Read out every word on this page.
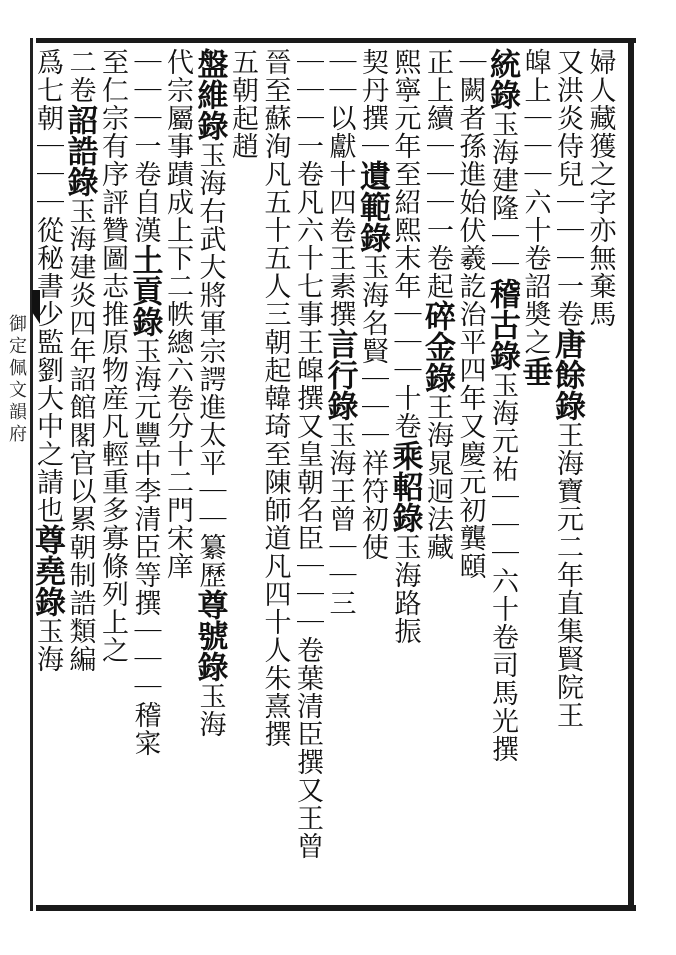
御定佩文韻府
婦人藏獲之字亦無棄馬
又洪炎侍兒｜｜｜一卷唐餘錄王海寶元二年直集賢院王
皡上｜｜｜六十卷詔奬之垂
統錄玉海建隆｜｜稽古錄玉海元祐｜｜｜六十卷司馬光撰
｜闕者孫進始伏羲訖治平四年又慶元初龔頤
正上續｜｜｜一卷起碎金錄王海晁迥法藏
熙寧元年至紹熙末年｜｜｜十卷乘軺錄玉海路振
契丹撰｜遺範錄玉海名賢｜｜｜祥符初使
｜｜以獻十四卷王素撰言行錄玉海王曾｜｜三
｜｜｜一卷凡六十七事王皡撰又皇朝名臣｜｜｜卷葉清臣撰又王曾
晉至蘇洵凡五十五人三朝起韓琦至陳師道凡四十人朱熹撰
五朝起趙
盤維錄玉海右武大將軍宗諤進太平｜｜纂歷尊號錄玉海
代宗屬事蹟成上下二帙總六卷分十二門宋庠
｜｜｜一卷自漢土貢錄玉海元豐中李清臣等撰｜｜｜稽寀
至仁宗有序評贊圖志推原物産凡輕重多寡條列上之
二卷詔誥錄玉海建炎四年詔館閣官以累朝制誥類編
爲七朝｜｜｜從秘書少監劉大中之請也尊堯錄玉海
